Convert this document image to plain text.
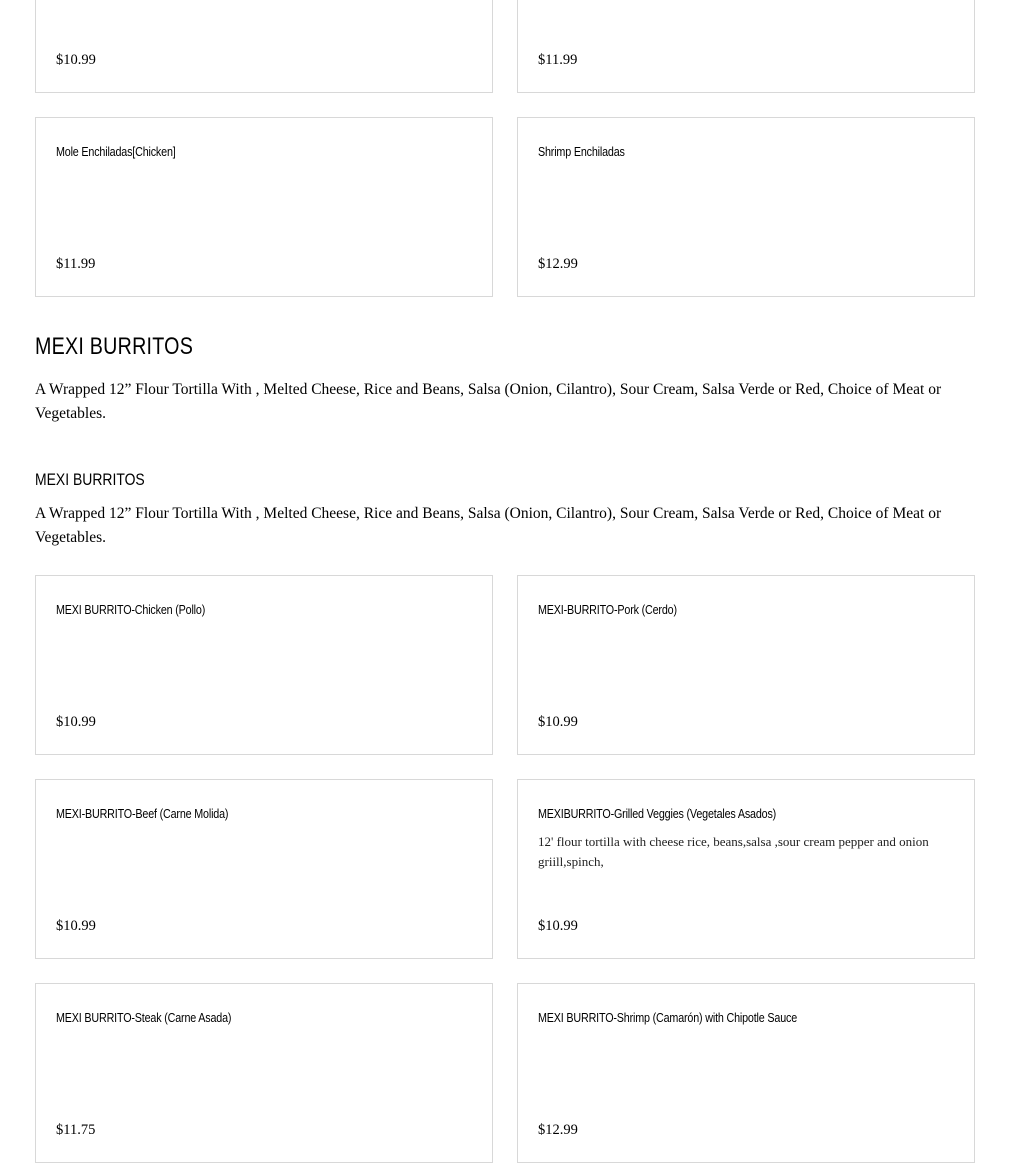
$10.99	$11.99
Mole Enchiladas[Chicken]
$11.99
Shrimp Enchiladas
$12.99
MEXI BURRITOS

A Wrapped 12” Flour Tortilla With , Melted Cheese, Rice and Beans, Salsa (Onion, Cilantro), Sour Cream, Salsa Verde or Red, Choice of Meat or Vegetables.

MEXI BURRITOS

A Wrapped 12” Flour Tortilla With , Melted Cheese, Rice and Beans, Salsa (Onion, Cilantro), Sour Cream, Salsa Verde or Red, Choice of Meat or Vegetables.

MEXI BURRITO-Chicken (Pollo)
$10.99
MEXI-BURRITO-Pork (Cerdo)
$10.99
MEXI-BURRITO-Beef (Carne Molida)
$10.99
MEXIBURRITO-Grilled Veggies (Vegetales Asados)
12' flour tortilla with cheese rice, beans,salsa ,sour cream pepper and onion griill,spinch,
$10.99
MEXI BURRITO-Steak (Carne Asada)
$11.75
MEXI BURRITO-Shrimp (Camarón) with Chipotle Sauce
$12.99
